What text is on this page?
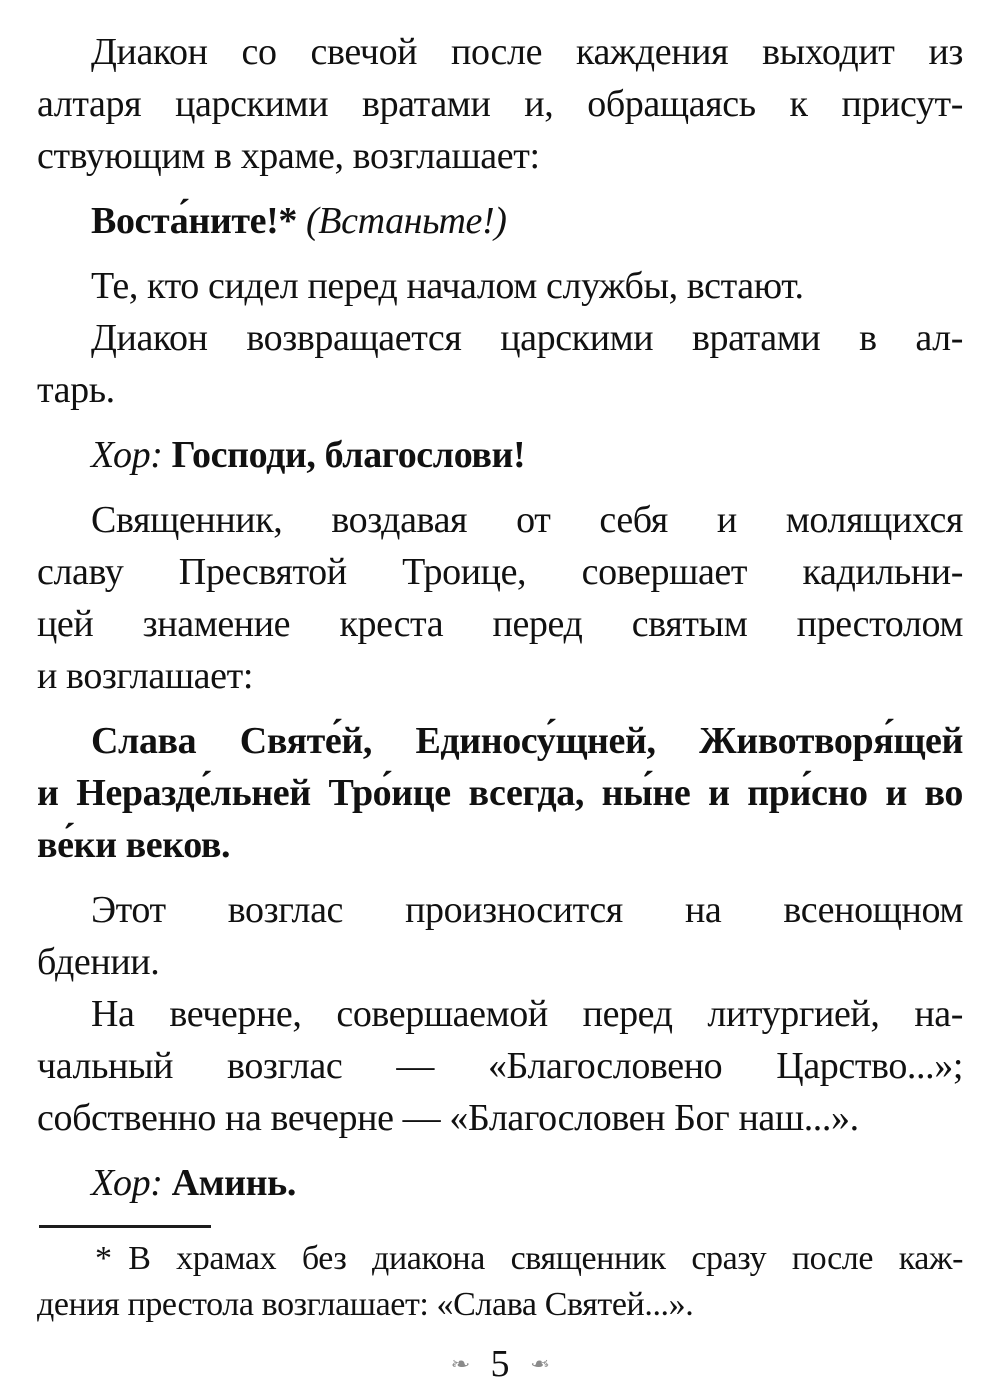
Диакон со свечой после каждения выходит из
алтаря царскими вратами и, обращаясь к присут-
ствующим в храме, возглашает:
Воста́ните!* (Встаньте!)
Те, кто сидел перед началом службы, встают.
Диакон возвращается царскими вратами в ал-
тарь.
Хор: Господи, благослови!
Священник, воздавая от себя и молящихся
славу Пресвятой Троице, совершает кадильни-
цей знамение креста перед святым престолом
и возглашает:
Слава Святе́й, Единосу́щней, Животворя́щей
и Неразде́льней Тро́ице всегда, ны́не и при́сно и во
ве́ки веков.
Этот возглас произносится на всенощном
бдении.
На вечерне, совершаемой перед литургией, на-
чальный возглас — «Благословено Царство...»;
собственно на вечерне — «Благословен Бог наш...».
Хор: Аминь.
* В храмах без диакона священник сразу после каж-
дения престола возглашает: «Слава Святей...».
❧ 5 ❧
